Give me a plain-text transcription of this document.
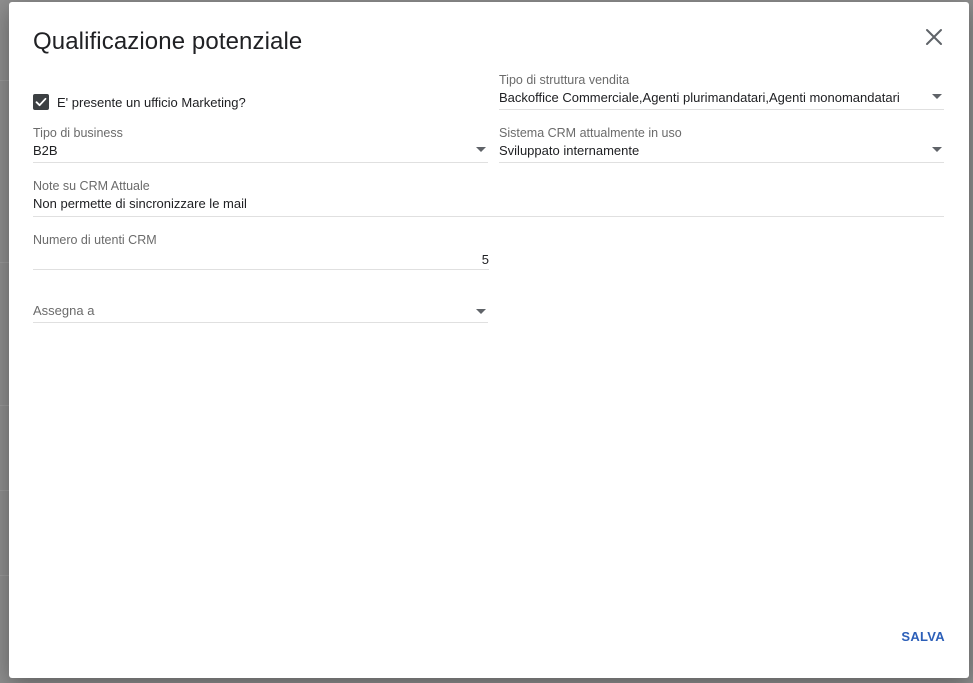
Qualificazione potenziale
E' presente un ufficio Marketing?
Tipo di struttura vendita
Backoffice Commerciale,Agenti plurimandatari,Agenti monomandatari
Tipo di business
B2B
Sistema CRM attualmente in uso
Sviluppato internamente
Note su CRM Attuale
Non permette di sincronizzare le mail
Numero di utenti CRM
5
Assegna a
SALVA
